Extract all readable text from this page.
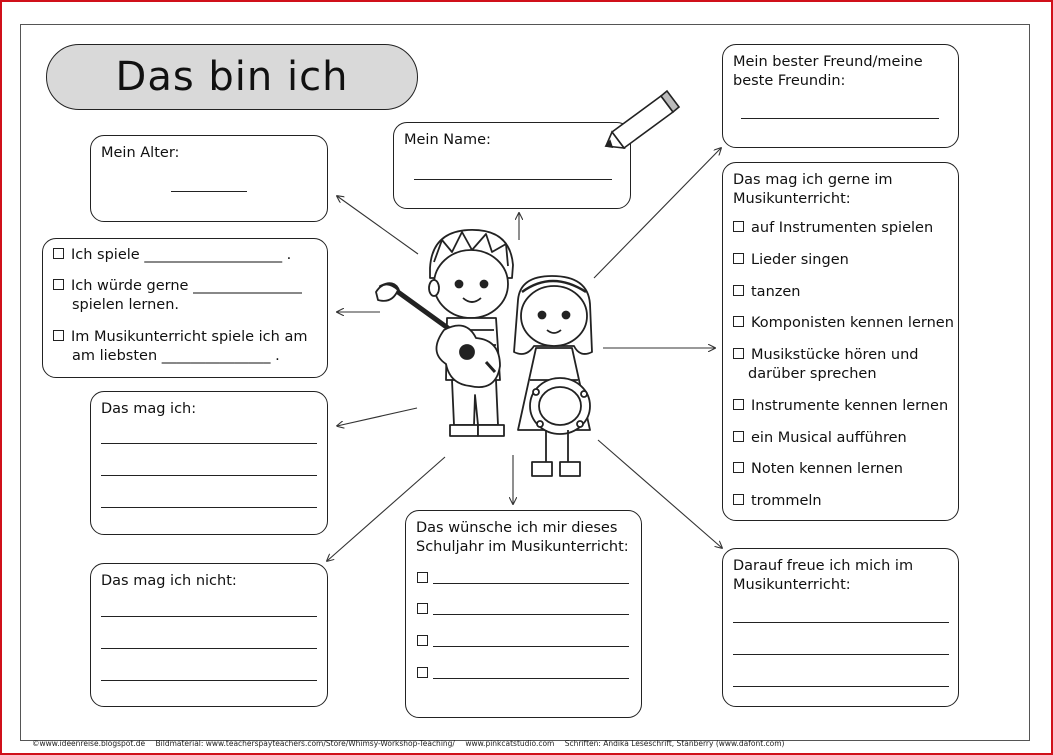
Das bin ich
Mein Name:
Mein Alter:
Mein bester Freund/meine
beste Freundin:
Ich spiele ___________________ .
Ich würde gerne _______________
spielen lernen.
Im Musikunterricht spiele ich am
am liebsten _______________ .
Das mag ich:
Das mag ich nicht:
Das wünsche ich mir dieses
Schuljahr im Musikunterricht:
Das mag ich gerne im
Musikunterricht:
auf Instrumenten spielen
Lieder singen
tanzen
Komponisten kennen lernen
Musikstücke hören und
darüber sprechen
Instrumente kennen lernen
ein Musical aufführen
Noten kennen lernen
trommeln
Darauf freue ich mich im
Musikunterricht:
©www.ideenreise.blogspot.de Bildmaterial: www.teacherspayteachers.com/Store/Whimsy-Workshop-Teaching/ www.pinkcatstudio.com Schriften: Andika Leseschrift, Stanberry (www.dafont.com)
